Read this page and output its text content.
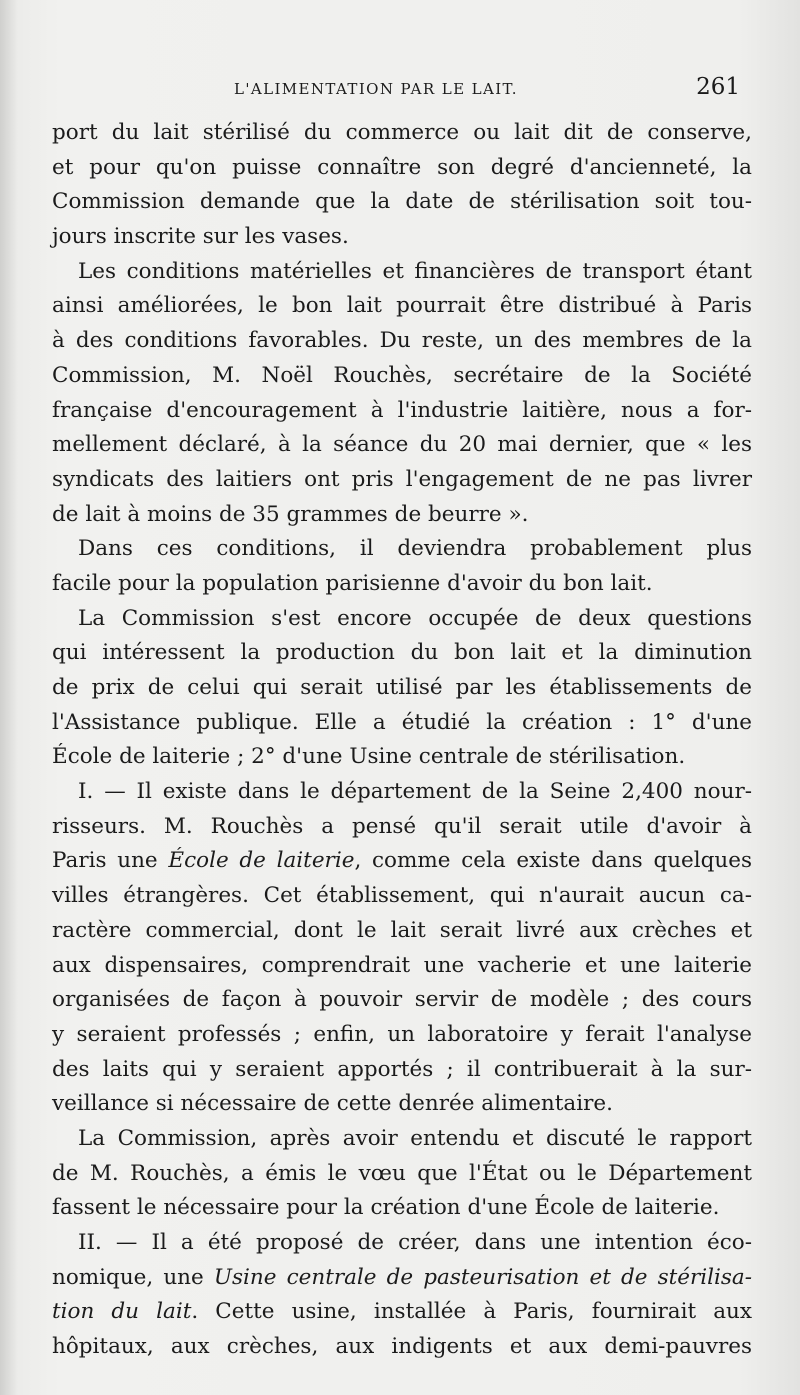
L'ALIMENTATION PAR LE LAIT.	261
port du lait stérilisé du commerce ou lait dit de conserve,
et pour qu'on puisse connaître son degré d'ancienneté, la
Commission demande que la date de stérilisation soit tou-
jours inscrite sur les vases.
Les conditions matérielles et financières de transport étant
ainsi améliorées, le bon lait pourrait être distribué à Paris
à des conditions favorables. Du reste, un des membres de la
Commission, M. Noël Rouchès, secrétaire de la Société
française d'encouragement à l'industrie laitière, nous a for-
mellement déclaré, à la séance du 20 mai dernier, que « les
syndicats des laitiers ont pris l'engagement de ne pas livrer
de lait à moins de 35 grammes de beurre ».
Dans ces conditions, il deviendra probablement plus
facile pour la population parisienne d'avoir du bon lait.
La Commission s'est encore occupée de deux questions
qui intéressent la production du bon lait et la diminution
de prix de celui qui serait utilisé par les établissements de
l'Assistance publique. Elle a étudié la création : 1° d'une
École de laiterie ; 2° d'une Usine centrale de stérilisation.
I. — Il existe dans le département de la Seine 2,400 nour-
risseurs. M. Rouchès a pensé qu'il serait utile d'avoir à
Paris une École de laiterie, comme cela existe dans quelques
villes étrangères. Cet établissement, qui n'aurait aucun ca-
ractère commercial, dont le lait serait livré aux crèches et
aux dispensaires, comprendrait une vacherie et une laiterie
organisées de façon à pouvoir servir de modèle ; des cours
y seraient professés ; enfin, un laboratoire y ferait l'analyse
des laits qui y seraient apportés ; il contribuerait à la sur-
veillance si nécessaire de cette denrée alimentaire.
La Commission, après avoir entendu et discuté le rapport
de M. Rouchès, a émis le vœu que l'État ou le Département
fassent le nécessaire pour la création d'une École de laiterie.
II. — Il a été proposé de créer, dans une intention éco-
nomique, une Usine centrale de pasteurisation et de stérilisa-
tion du lait. Cette usine, installée à Paris, fournirait aux
hôpitaux, aux crèches, aux indigents et aux demi-pauvres
